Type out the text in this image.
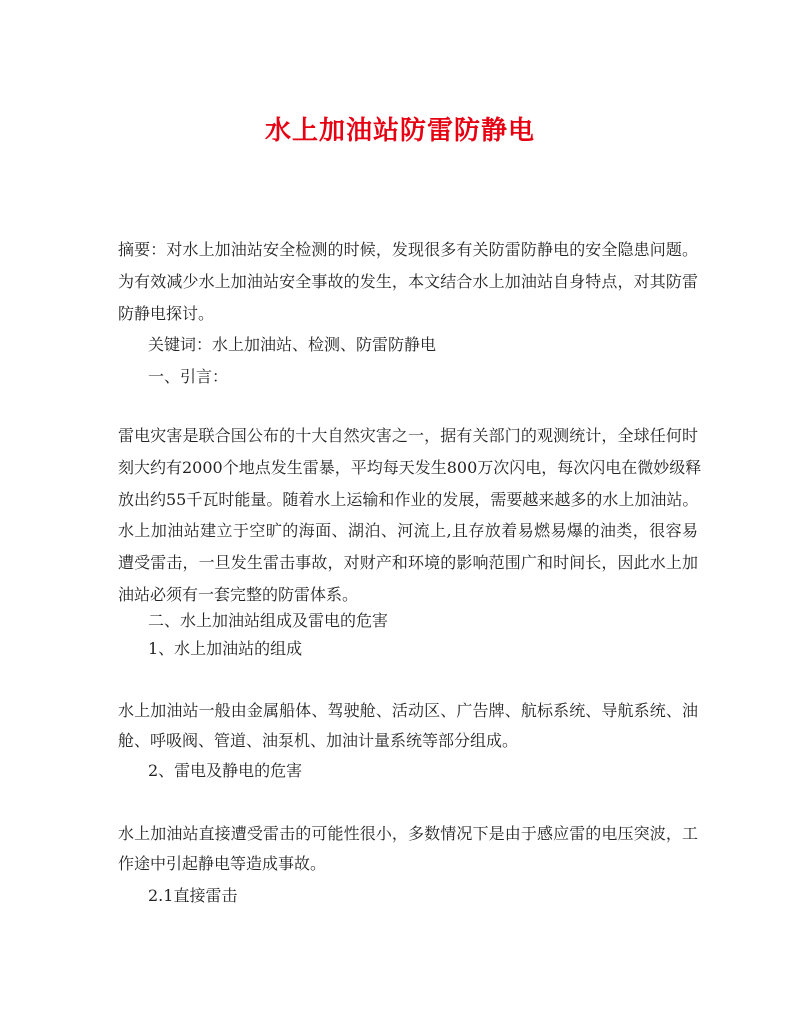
水上加油站防雷防静电
摘要：对水上加油站安全检测的时候，发现很多有关防雷防静电的安全隐患问题。
为有效减少水上加油站安全事故的发生，本文结合水上加油站自身特点，对其防雷
防静电探讨。
关键词：水上加油站、检测、防雷防静电
一、引言：
雷电灾害是联合国公布的十大自然灾害之一，据有关部门的观测统计，全球任何时
刻大约有2000个地点发生雷暴，平均每天发生800万次闪电，每次闪电在微妙级释
放出约55千瓦时能量。随着水上运输和作业的发展，需要越来越多的水上加油站。
水上加油站建立于空旷的海面、湖泊、河流上,且存放着易燃易爆的油类，很容易
遭受雷击，一旦发生雷击事故，对财产和环境的影响范围广和时间长，因此水上加
油站必须有一套完整的防雷体系。
二、水上加油站组成及雷电的危害
1、水上加油站的组成
水上加油站一般由金属船体、驾驶舱、活动区、广告牌、航标系统、导航系统、油
舱、呼吸阀、管道、油泵机、加油计量系统等部分组成。
2、雷电及静电的危害
水上加油站直接遭受雷击的可能性很小，多数情况下是由于感应雷的电压突波，工
作途中引起静电等造成事故。
2.1直接雷击
